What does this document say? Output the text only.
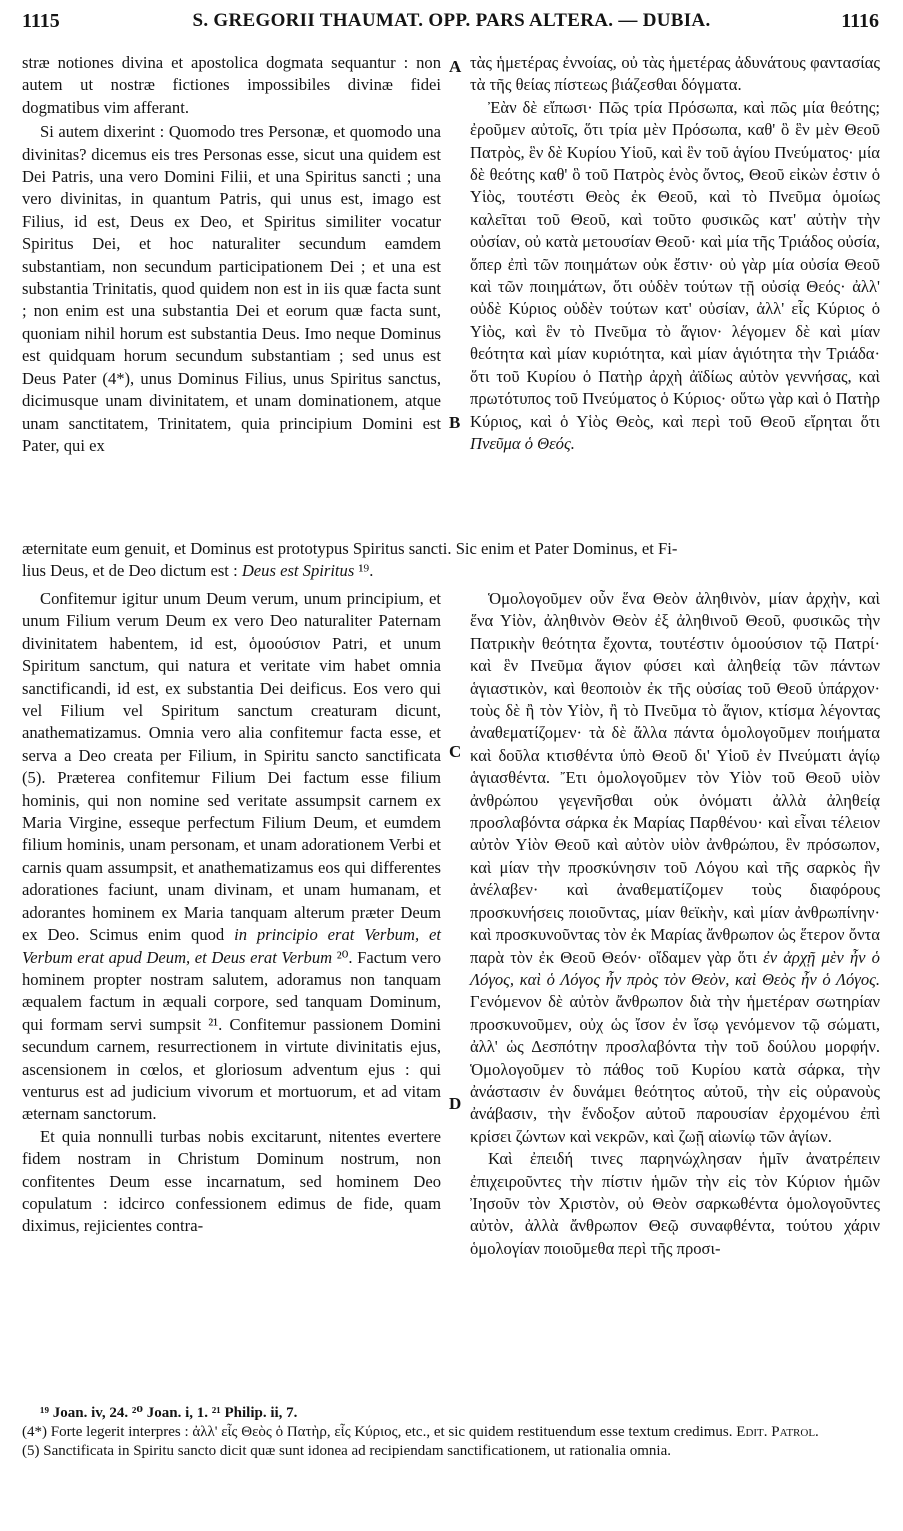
1115	S. GREGORII THAUMAT. OPP. PARS ALTERA. — DUBIA.	1116
A
B
C
D

stræ notiones divina et apostolica dogmata sequantur : non autem ut nostræ fictiones impossibiles divinæ fidei dogmatibus vim afferant.

Si autem dixerint : Quomodo tres Personæ, et quomodo una divinitas? dicemus eis tres Personas esse, sicut una quidem est Dei Patris, una vero Domini Filii, et una Spiritus sancti ; una vero divinitas, in quantum Patris, qui unus est, imago est Filius, id est, Deus ex Deo, et Spiritus similiter vocatur Spiritus Dei, et hoc naturaliter secundum eamdem substantiam, non secundum participationem Dei ; et una est substantia Trinitatis, quod quidem non est in iis quæ facta sunt ; non enim est una substantia Dei et eorum quæ facta sunt, quoniam nihil horum est substantia Deus. Imo neque Dominus est quidquam horum secundum substantiam ; sed unus est Deus Pater (4*), unus Dominus Filius, unus Spiritus sanctus, dicimusque unam divinitatem, et unam dominationem, atque unam sanctitatem, Trinitatem, quia principium Domini est Pater, qui ex

τὰς ἡμετέρας ἐννοίας, οὐ τὰς ἡμετέρας ἀδυνάτους φαντασίας τὰ τῆς θείας πίστεως βιάζεσθαι δόγματα.

Ἐὰν δὲ εἴπωσι· Πῶς τρία Πρόσωπα, καὶ πῶς μία θεότης; ἐροῦμεν αὐτοῖς, ὅτι τρία μὲν Πρόσωπα, καθ' ὃ ἓν μὲν Θεοῦ Πατρὸς, ἓν δὲ Κυρίου Υἱοῦ, καὶ ἓν τοῦ ἁγίου Πνεύματος· μία δὲ θεότης καθ' ὃ τοῦ Πατρὸς ἑνὸς ὄντος, Θεοῦ εἰκὼν ἐστιν ὁ Υἱὸς, τουτέστι Θεὸς ἐκ Θεοῦ, καὶ τὸ Πνεῦμα ὁμοίως καλεῖται τοῦ Θεοῦ, καὶ τοῦτο φυσικῶς κατ' αὐτὴν τὴν οὐσίαν, οὐ κατὰ μετουσίαν Θεοῦ· καὶ μία τῆς Τριάδος οὐσία, ὅπερ ἐπὶ τῶν ποιημάτων οὐκ ἔστιν· οὐ γὰρ μία οὐσία Θεοῦ καὶ τῶν ποιημάτων, ὅτι οὐδὲν τούτων τῇ οὐσίᾳ Θεός· ἀλλ' οὐδὲ Κύριος οὐδὲν τούτων κατ' οὐσίαν, ἀλλ' εἷς Κύριος ὁ Υἱὸς, καὶ ἓν τὸ Πνεῦμα τὸ ἅγιον· λέγομεν δὲ καὶ μίαν θεότητα καὶ μίαν κυριότητα, καὶ μίαν ἁγιότητα τὴν Τριάδα· ὅτι τοῦ Κυρίου ὁ Πατὴρ ἀρχὴ ἀϊδίως αὐτὸν γεννήσας, καὶ πρωτότυπος τοῦ Πνεύματος ὁ Κύριος· οὕτω γὰρ καὶ ὁ Πατὴρ Κύριος, καὶ ὁ Υἱὸς Θεὸς, καὶ περὶ τοῦ Θεοῦ εἴρηται ὅτι Πνεῦμα ὁ Θεός.

æternitate eum genuit, et Dominus est prototypus Spiritus sancti. Sic enim et Pater Dominus, et Fi-
lius Deus, et de Deo dictum est : Deus est Spiritus ¹⁹.

Confitemur igitur unum Deum verum, unum principium, et unum Filium verum Deum ex vero Deo naturaliter Paternam divinitatem habentem, id est, ὁμοούσιον Patri, et unum Spiritum sanctum, qui natura et veritate vim habet omnia sanctificandi, id est, ex substantia Dei deificus. Eos vero qui vel Filium vel Spiritum sanctum creaturam dicunt, anathematizamus. Omnia vero alia confitemur facta esse, et serva a Deo creata per Filium, in Spiritu sancto sanctificata (5). Præterea confitemur Filium Dei factum esse filium hominis, qui non nomine sed veritate assumpsit carnem ex Maria Virgine, esseque perfectum Filium Deum, et eumdem filium hominis, unam personam, et unam adorationem Verbi et carnis quam assumpsit, et anathematizamus eos qui differentes adorationes faciunt, unam divinam, et unam humanam, et adorantes hominem ex Maria tanquam alterum præter Deum ex Deo. Scimus enim quod in principio erat Verbum, et Verbum erat apud Deum, et Deus erat Verbum ²⁰. Factum vero hominem propter nostram salutem, adoramus non tanquam æqualem factum in æquali corpore, sed tanquam Dominum, qui formam servi sumpsit ²¹. Confitemur passionem Domini secundum carnem, resurrectionem in virtute divinitatis ejus, ascensionem in cœlos, et gloriosum adventum ejus : qui venturus est ad judicium vivorum et mortuorum, et ad vitam æternam sanctorum.

Et quia nonnulli turbas nobis excitarunt, nitentes evertere fidem nostram in Christum Dominum nostrum, non confitentes Deum esse incarnatum, sed hominem Deo copulatum : idcirco confessionem edimus de fide, quam diximus, rejicientes contra-

Ὁμολογοῦμεν οὖν ἕνα Θεὸν ἀληθινὸν, μίαν ἀρχὴν, καὶ ἕνα Υἱὸν, ἀληθινὸν Θεὸν ἐξ ἀληθινοῦ Θεοῦ, φυσικῶς τὴν Πατρικὴν θεότητα ἔχοντα, τουτέστιν ὁμοούσιον τῷ Πατρί· καὶ ἓν Πνεῦμα ἅγιον φύσει καὶ ἀληθείᾳ τῶν πάντων ἁγιαστικὸν, καὶ θεοποιὸν ἐκ τῆς οὐσίας τοῦ Θεοῦ ὑπάρχον· τοὺς δὲ ἢ τὸν Υἱὸν, ἢ τὸ Πνεῦμα τὸ ἅγιον, κτίσμα λέγοντας ἀναθεματίζομεν· τὰ δὲ ἄλλα πάντα ὁμολογοῦμεν ποιήματα καὶ δοῦλα κτισθέντα ὑπὸ Θεοῦ δι' Υἱοῦ ἐν Πνεύματι ἁγίῳ ἁγιασθέντα. Ἔτι ὁμολογοῦμεν τὸν Υἱὸν τοῦ Θεοῦ υἱὸν ἀνθρώπου γεγενῆσθαι οὐκ ὀνόματι ἀλλὰ ἀληθείᾳ προσλαβόντα σάρκα ἐκ Μαρίας Παρθένου· καὶ εἶναι τέλειον αὐτὸν Υἱὸν Θεοῦ καὶ αὐτὸν υἱὸν ἀνθρώπου, ἓν πρόσωπον, καὶ μίαν τὴν προσκύνησιν τοῦ Λόγου καὶ τῆς σαρκὸς ἣν ἀνέλαβεν· καὶ ἀναθεματίζομεν τοὺς διαφόρους προσκυνήσεις ποιοῦντας, μίαν θεϊκὴν, καὶ μίαν ἀνθρωπίνην· καὶ προσκυνοῦντας τὸν ἐκ Μαρίας ἄνθρωπον ὡς ἕτερον ὄντα παρὰ τὸν ἐκ Θεοῦ Θεόν· οἴδαμεν γὰρ ὅτι ἐν ἀρχῇ μὲν ἦν ὁ Λόγος, καὶ ὁ Λόγος ἦν πρὸς τὸν Θεὸν, καὶ Θεὸς ἦν ὁ Λόγος. Γενόμενον δὲ αὐτὸν ἄνθρωπον διὰ τὴν ἡμετέραν σωτηρίαν προσκυνοῦμεν, οὐχ ὡς ἴσον ἐν ἴσῳ γενόμενον τῷ σώματι, ἀλλ' ὡς Δεσπότην προσλαβόντα τὴν τοῦ δούλου μορφήν. Ὁμολογοῦμεν τὸ πάθος τοῦ Κυρίου κατὰ σάρκα, τὴν ἀνάστασιν ἐν δυνάμει θεότητος αὐτοῦ, τὴν εἰς οὐρανοὺς ἀνάβασιν, τὴν ἔνδοξον αὐτοῦ παρουσίαν ἐρχομένου ἐπὶ κρίσει ζώντων καὶ νεκρῶν, καὶ ζωῇ αἰωνίῳ τῶν ἁγίων.

Καὶ ἐπειδή τινες παρηνώχλησαν ἡμῖν ἀνατρέπειν ἐπιχειροῦντες τὴν πίστιν ἡμῶν τὴν εἰς τὸν Κύριον ἡμῶν Ἰησοῦν τὸν Χριστὸν, οὐ Θεὸν σαρκωθέντα ὁμολογοῦντες αὐτὸν, ἀλλὰ ἄνθρωπον Θεῷ συναφθέντα, τούτου χάριν ὁμολογίαν ποιοῦμεθα περὶ τῆς προσι-

¹⁹ Joan. iv, 24. ²⁰ Joan. i, 1. ²¹ Philip. ii, 7.

(4*) Forte legerit interpres : ἀλλ' εἷς Θεὸς ὁ Πατὴρ, εἷς Κύριος, etc., et sic quidem restituendum esse textum credimus. Edit. Patrol.

(5) Sanctificata in Spiritu sancto dicit quæ sunt idonea ad recipiendam sanctificationem, ut rationalia omnia.
